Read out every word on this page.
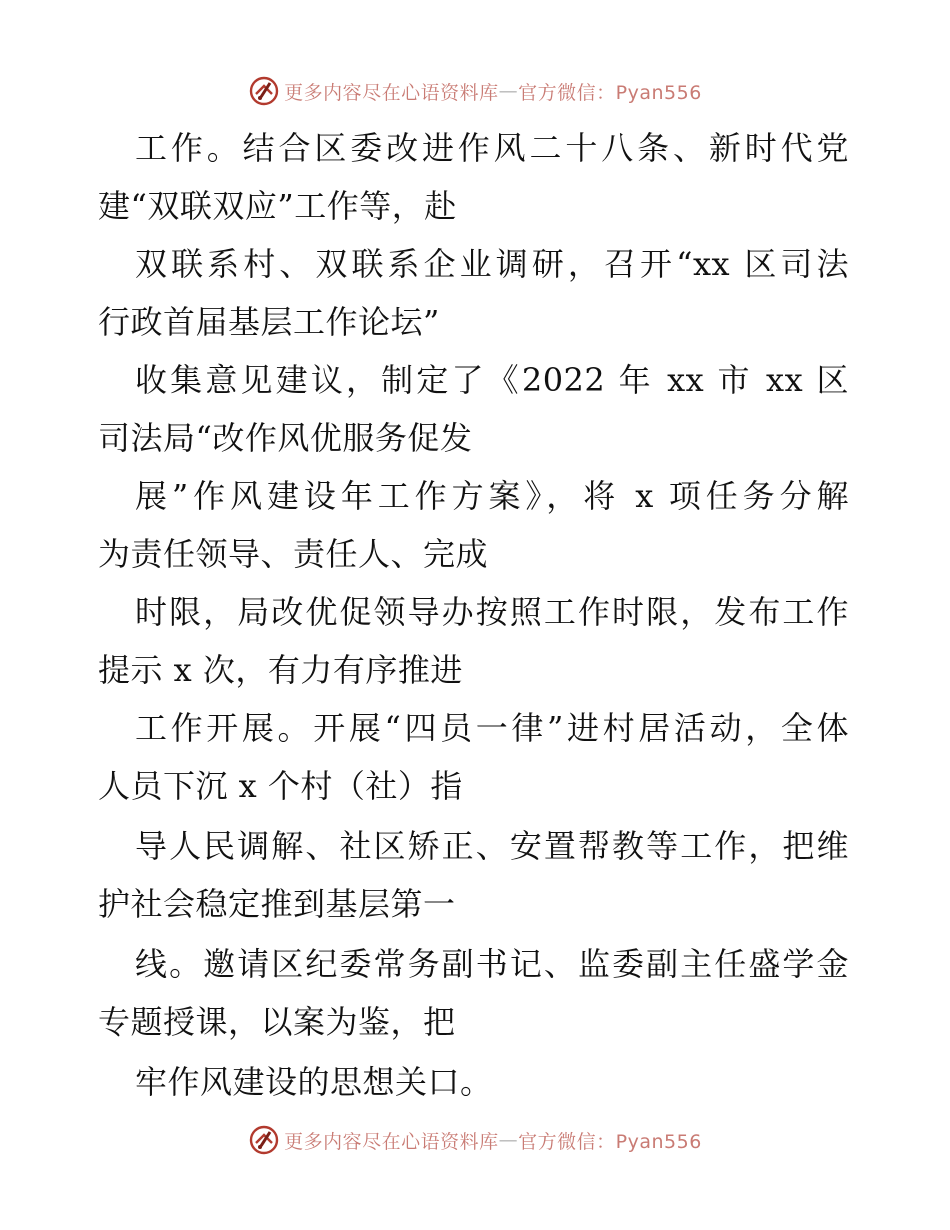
更多内容尽在心语资料库 — 官方微信：Pyan556
工作。结合区委改进作风二十八条、新时代党
建“双联双应”工作等，赴
双联系村、双联系企业调研，召开“xx 区司法
行政首届基层工作论坛”
收集意见建议，制定了《2022 年 xx 市 xx 区
司法局“改作风优服务促发
展”作风建设年工作方案》，将 x 项任务分解
为责任领导、责任人、完成
时限，局改优促领导办按照工作时限，发布工作
提示 x 次，有力有序推进
工作开展。开展“四员一律”进村居活动，全体
人员下沉 x 个村（社）指
导人民调解、社区矫正、安置帮教等工作，把维
护社会稳定推到基层第一
线。邀请区纪委常务副书记、监委副主任盛学金
专题授课，以案为鉴，把
牢作风建设的思想关口。
更多内容尽在心语资料库 — 官方微信：Pyan556
